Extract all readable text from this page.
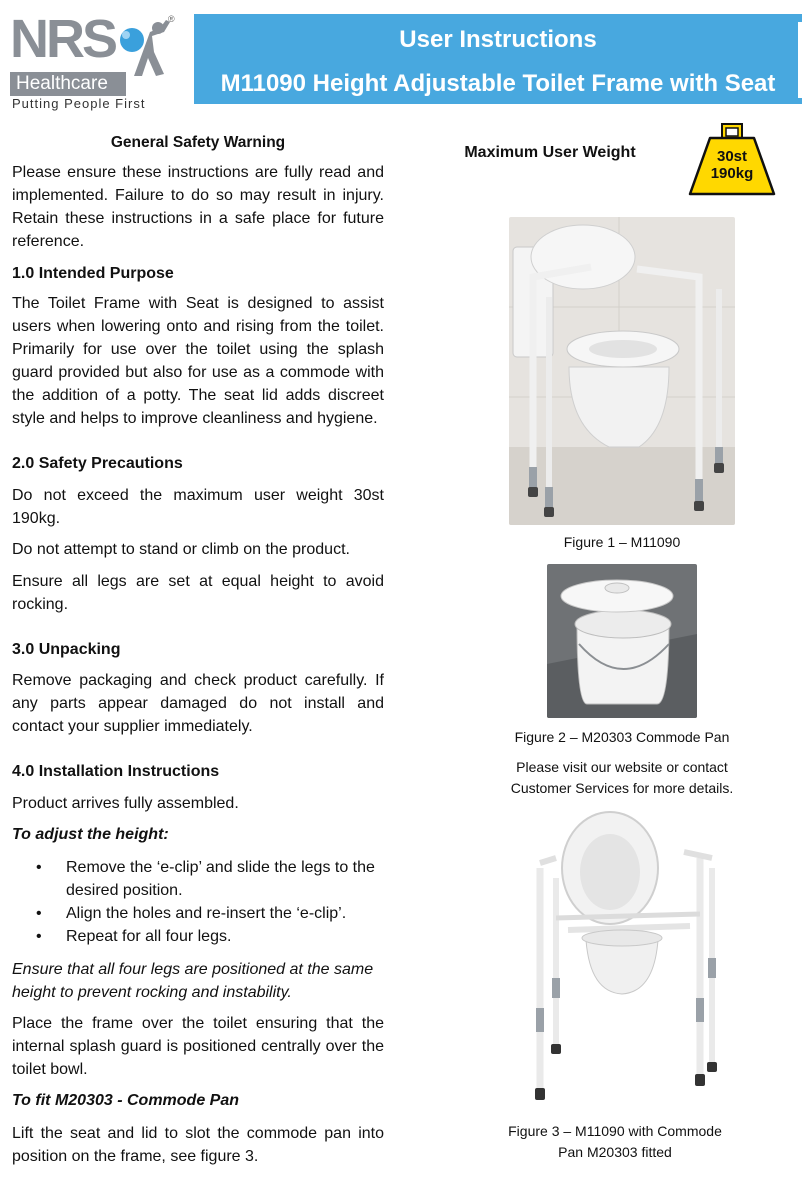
NRS	®
Healthcare
Putting People First
User Instructions
M11090 Height Adjustable Toilet Frame with Seat

General Safety Warning

Please ensure these instructions are fully read and implemented. Failure to do so may result in injury. Retain these instructions in a safe place for future reference.

1.0 Intended Purpose

The Toilet Frame with Seat is designed to assist users when lowering onto and rising from the toilet. Primarily for use over the toilet using the splash guard provided but also for use as a commode with the addition of a potty. The seat lid adds discreet style and helps to improve cleanliness and hygiene.

2.0 Safety Precautions

Do not exceed the maximum user weight 30st 190kg.

Do not attempt to stand or climb on the product.

Ensure all legs are set at equal height to avoid rocking.

3.0 Unpacking

Remove packaging and check product carefully. If any parts appear damaged do not install and contact your supplier immediately.

4.0 Installation Instructions

Product arrives fully assembled.

To adjust the height:

• Remove the ‘e-clip’ and slide the legs to the desired position.
• Align the holes and re-insert the ‘e-clip’.
• Repeat for all four legs.

Ensure that all four legs are positioned at the same height to prevent rocking and instability.

Place the frame over the toilet ensuring that the internal splash guard is positioned centrally over the toilet bowl.

To fit M20303 - Commode Pan

Lift the seat and lid to slot the commode pan into position on the frame, see figure 3.

Maximum User Weight	30st
190kg
Figure 1 – M11090
Figure 2 – M20303 Commode Pan
Please visit our website or contact
Customer Services for more details.
Figure 3 – M11090 with Commode
Pan M20303 fitted
